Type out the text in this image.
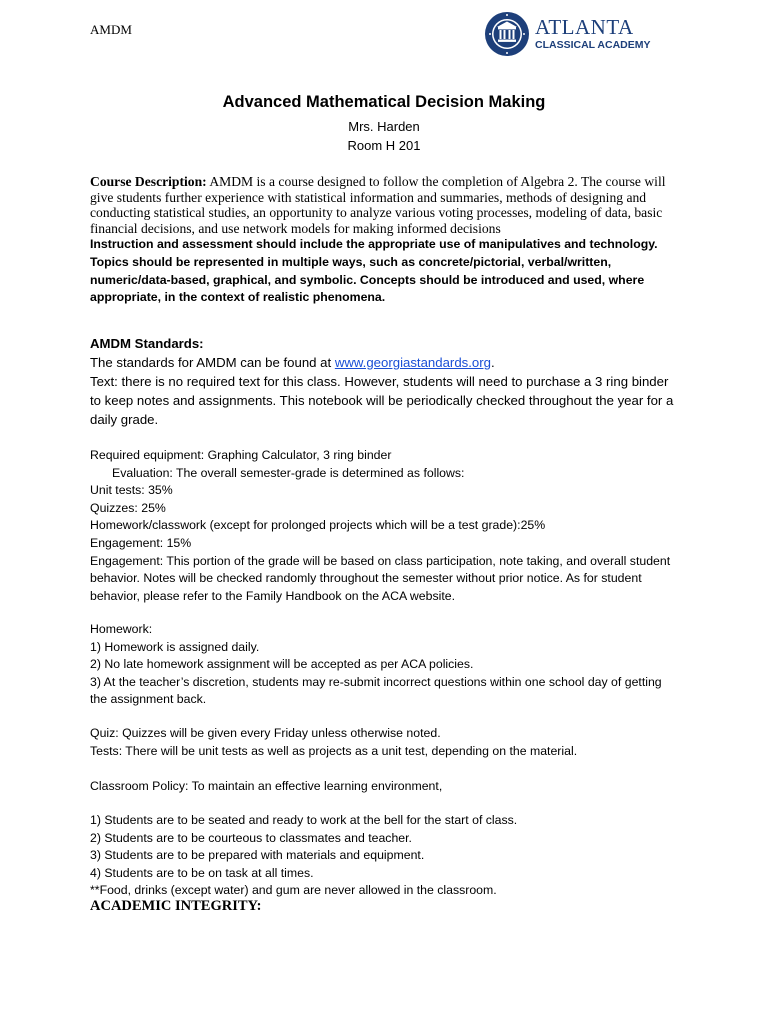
AMDM	ATLANTA
CLASSICAL ACADEMY
Advanced Mathematical Decision Making
Mrs. Harden
Room H 201

Course Description: AMDM is a course designed to follow the completion of Algebra 2. The course will give students further experience with statistical information and summaries, methods of designing and conducting statistical studies, an opportunity to analyze various voting processes, modeling of data, basic financial decisions, and use network models for making informed decisions

Instruction and assessment should include the appropriate use of manipulatives and technology. Topics should be represented in multiple ways, such as concrete/pictorial, verbal/written, numeric/data-based, graphical, and symbolic. Concepts should be introduced and used, where appropriate, in the context of realistic phenomena.

AMDM Standards:

The standards for AMDM can be found at www.georgiastandards.org.

Text: there is no required text for this class. However, students will need to purchase a 3 ring binder to keep notes and assignments. This notebook will be periodically checked throughout the year for a daily grade.

Required equipment: Graphing Calculator, 3 ring binder

Evaluation: The overall semester-grade is determined as follows:

Unit tests: 35%

Quizzes: 25%

Homework/classwork (except for prolonged projects which will be a test grade):25%

Engagement: 15%

Engagement: This portion of the grade will be based on class participation, note taking, and overall student behavior. Notes will be checked randomly throughout the semester without prior notice. As for student behavior, please refer to the Family Handbook on the ACA website.

Homework:

1) Homework is assigned daily.

2) No late homework assignment will be accepted as per ACA policies.

3) At the teacher’s discretion, students may re-submit incorrect questions within one school day of getting the assignment back.

Quiz: Quizzes will be given every Friday unless otherwise noted.

Tests: There will be unit tests as well as projects as a unit test, depending on the material.

Classroom Policy: To maintain an effective learning environment,

1) Students are to be seated and ready to work at the bell for the start of class.

2) Students are to be courteous to classmates and teacher.

3) Students are to be prepared with materials and equipment.

4) Students are to be on task at all times.

**Food, drinks (except water) and gum are never allowed in the classroom.

ACADEMIC INTEGRITY:
